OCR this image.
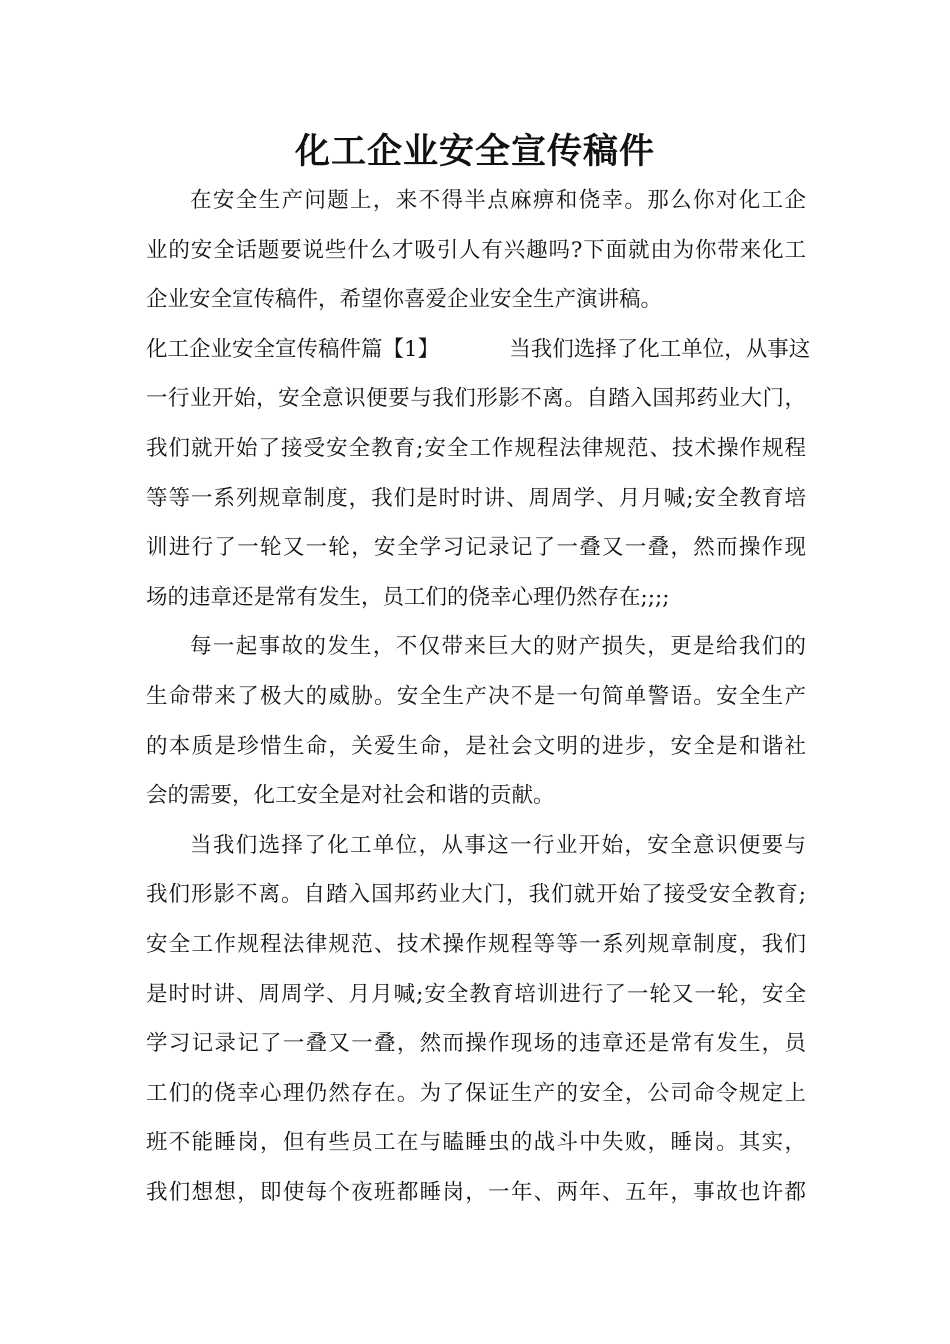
化工企业安全宣传稿件
在安全生产问题上，来不得半点麻痹和侥幸。那么你对化工企
业的安全话题要说些什么才吸引人有兴趣吗?下面就由为你带来化工
企业安全宣传稿件，希望你喜爱企业安全生产演讲稿。
化工企业安全宣传稿件篇【1】	当我们选择了化工单位，从事这
一行业开始，安全意识便要与我们形影不离。自踏入国邦药业大门，
我们就开始了接受安全教育;安全工作规程法律规范、技术操作规程
等等一系列规章制度，我们是时时讲、周周学、月月喊;安全教育培
训进行了一轮又一轮，安全学习记录记了一叠又一叠，然而操作现
场的违章还是常有发生，员工们的侥幸心理仍然存在;;;;
每一起事故的发生，不仅带来巨大的财产损失，更是给我们的
生命带来了极大的威胁。安全生产决不是一句简单警语。安全生产
的本质是珍惜生命，关爱生命，是社会文明的进步，安全是和谐社
会的需要，化工安全是对社会和谐的贡献。
当我们选择了化工单位，从事这一行业开始，安全意识便要与
我们形影不离。自踏入国邦药业大门，我们就开始了接受安全教育;
安全工作规程法律规范、技术操作规程等等一系列规章制度，我们
是时时讲、周周学、月月喊;安全教育培训进行了一轮又一轮，安全
学习记录记了一叠又一叠，然而操作现场的违章还是常有发生，员
工们的侥幸心理仍然存在。为了保证生产的安全，公司命令规定上
班不能睡岗，但有些员工在与瞌睡虫的战斗中失败，睡岗。其实，
我们想想，即使每个夜班都睡岗，一年、两年、五年，事故也许都
